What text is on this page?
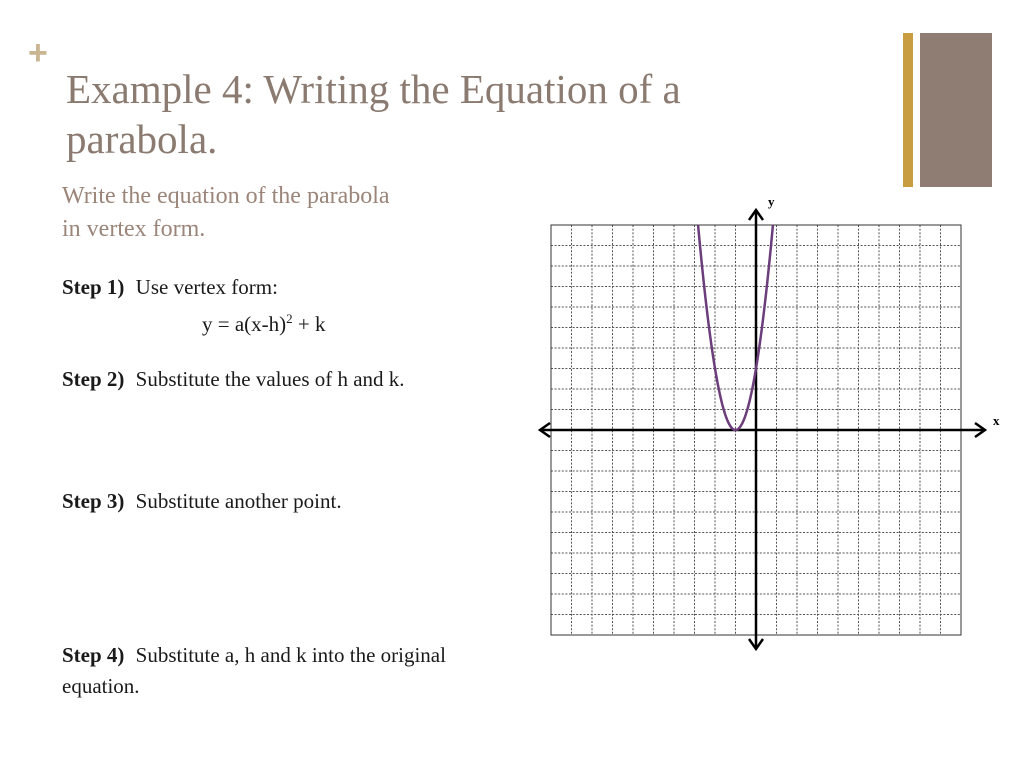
+
Example 4: Writing the Equation of a
parabola.
Write the equation of the parabola
in vertex form.
Step 1) Use vertex form:
$y = a(x-h)^2 + k$
Step 2) Substitute the values of h and k.
Step 3) Substitute another point.
Step 4) Substitute a, h and k into the original equation.
x
y
